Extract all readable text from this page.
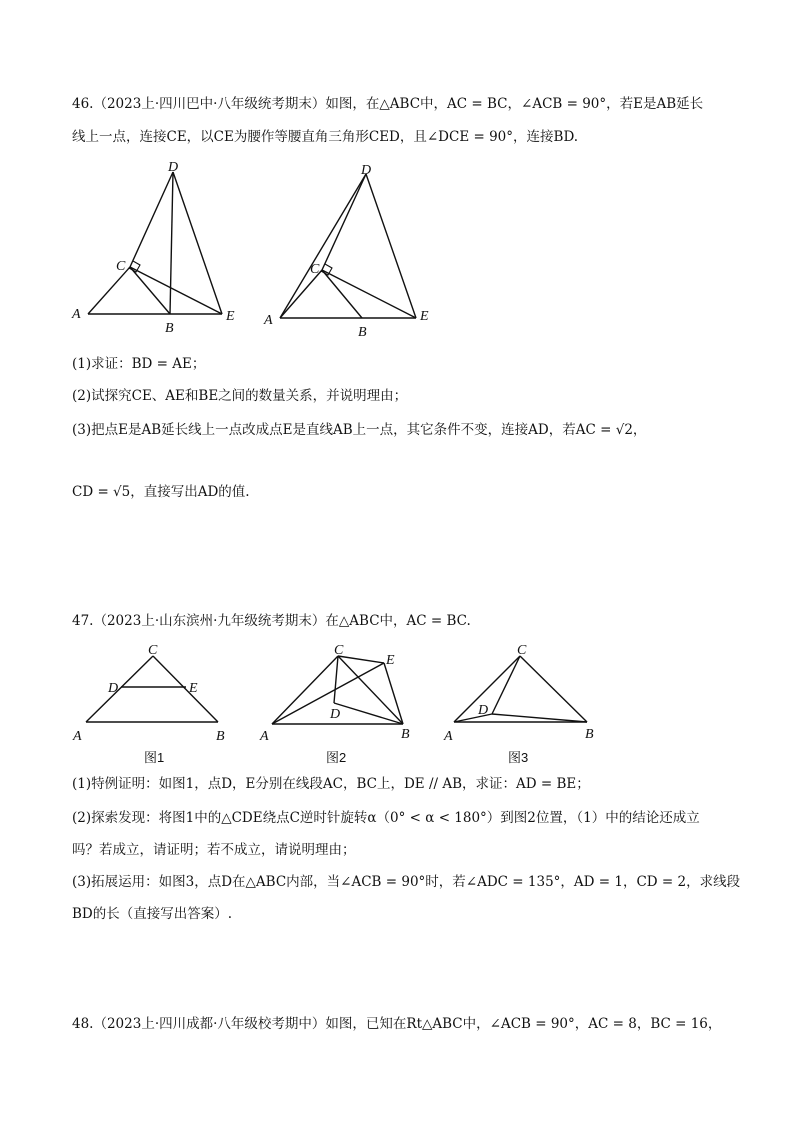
46.（2023上·四川巴中·八年级统考期末）如图，在△ABC中，AC = BC，∠ACB = 90°，若E是AB延长
线上一点，连接CE，以CE为腰作等腰直角三角形CED，且∠DCE = 90°，连接BD.
D
C
A
B
E
D
C
A
B
E
(1)求证：BD = AE；
(2)试探究CE、AE和BE之间的数量关系，并说明理由；
(3)把点E是AB延长线上一点改成点E是直线AB上一点，其它条件不变，连接AD，若AC = √2，
CD = √5，直接写出AD的值.
47.（2023上·山东滨州·九年级统考期末）在△ABC中，AC = BC.
C
D	E
A	B
图1
C
E
D
A	B
图2
C
D
A	B
图3
(1)特例证明：如图1，点D，E分别在线段AC，BC上，DE // AB，求证：AD = BE；
(2)探索发现：将图1中的△CDE绕点C逆时针旋转α（0° < α < 180°）到图2位置，（1）中的结论还成立
吗？若成立，请证明；若不成立，请说明理由；
(3)拓展运用：如图3，点D在△ABC内部，当∠ACB = 90°时，若∠ADC = 135°，AD = 1，CD = 2，求线段
BD的长（直接写出答案）.
48.（2023上·四川成都·八年级校考期中）如图，已知在Rt△ABC中，∠ACB = 90°，AC = 8，BC = 16，
